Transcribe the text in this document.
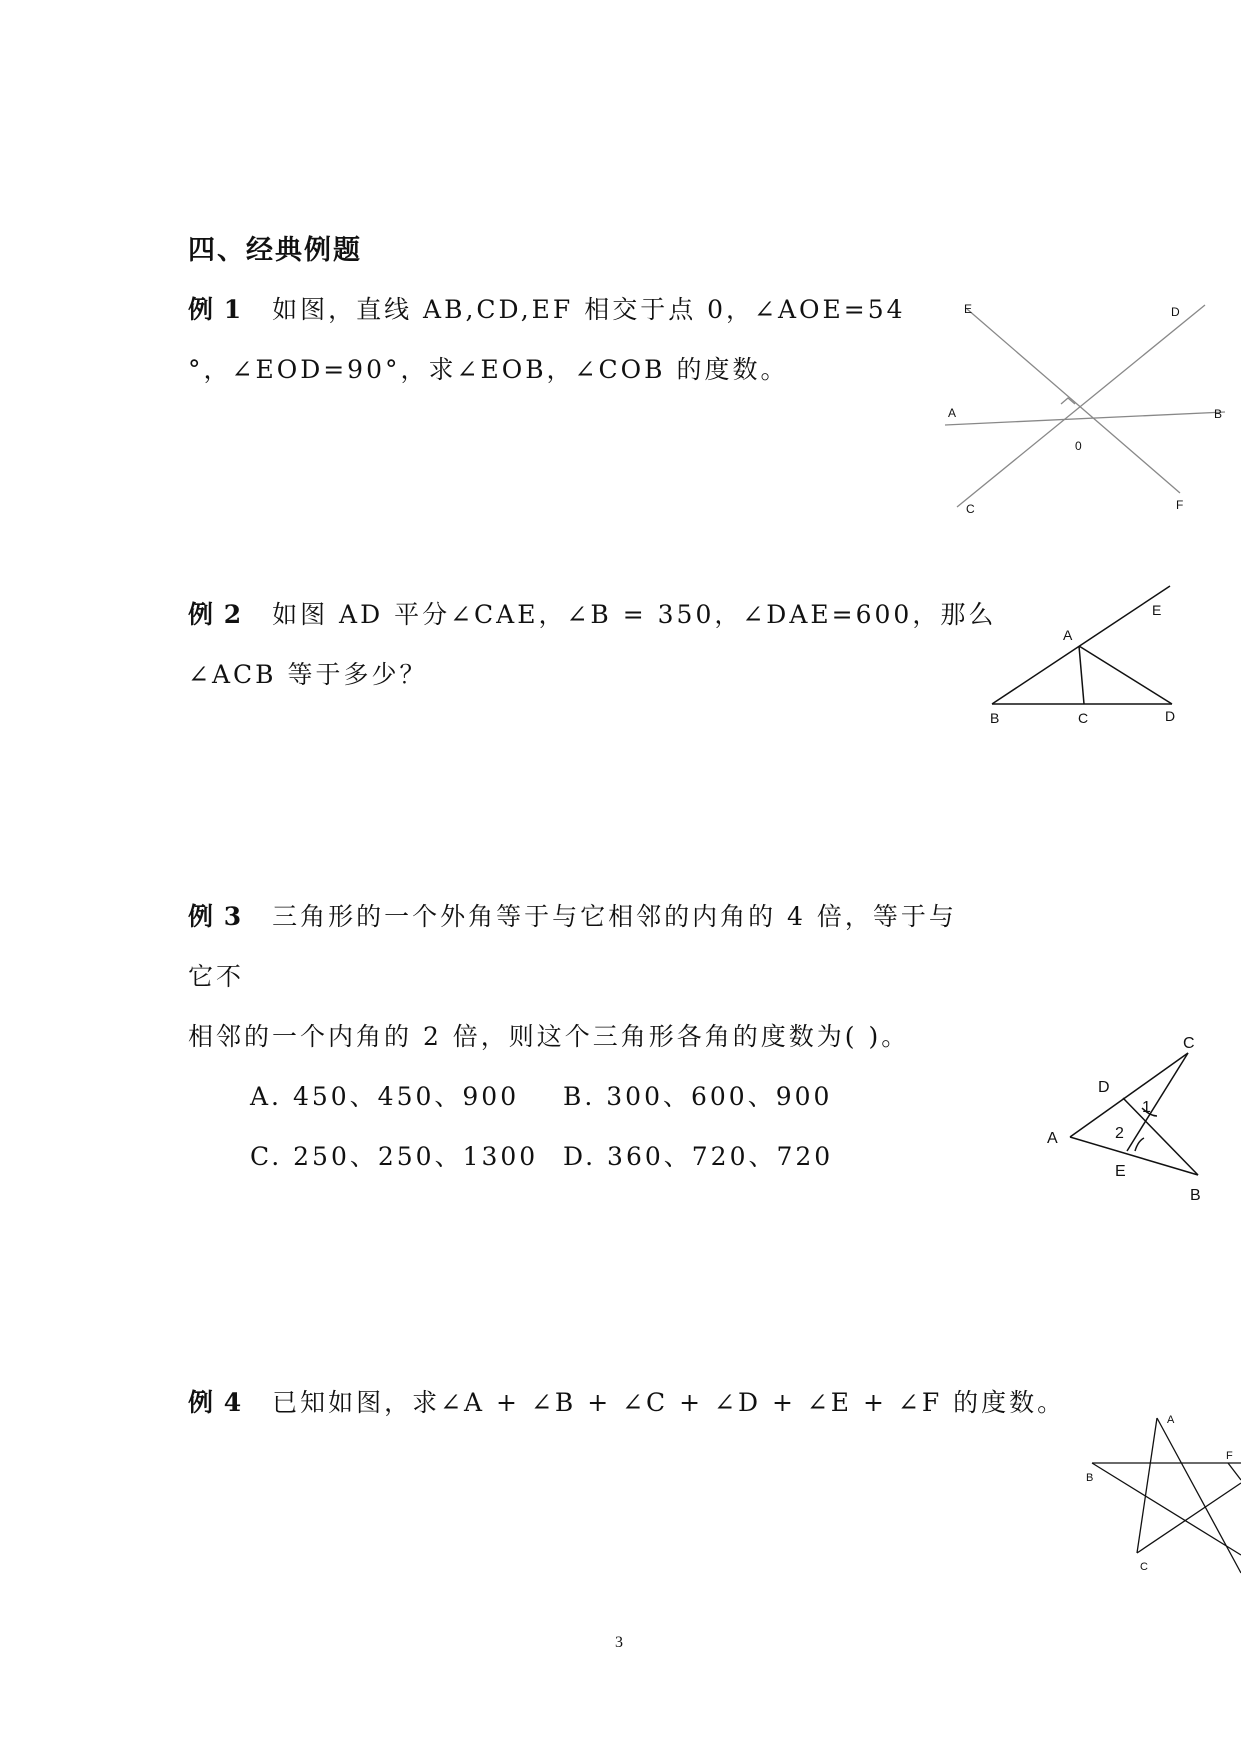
四、经典例题
例 1 如图，直线 AB,CD,EF 相交于点 0，∠AOE=54
°，∠EOD=90°，求∠EOB，∠COB 的度数。
E	D
A	B
0
C	F
例 2 如图 AD 平分∠CAE，∠B = 350，∠DAE=600，那么
∠ACB 等于多少？
A
E
B	C	D
例 3 三角形的一个外角等于与它相邻的内角的 4 倍，等于与
它不
相邻的一个内角的 2 倍，则这个三角形各角的度数为( )。
A. 450、450、900 B. 300、600、900
C. 250、250、1300 D. 360、720、720
C
D
A
E
B
1
2
例 4 已知如图，求∠A + ∠B + ∠C + ∠D + ∠E + ∠F 的度数。
A
F
B
C
3
